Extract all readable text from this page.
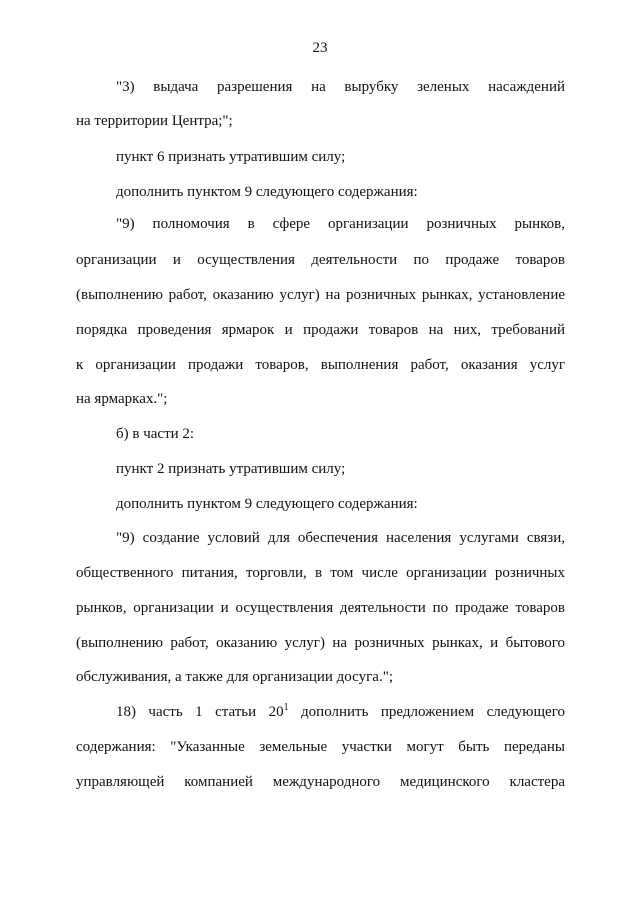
23
"3) выдача разрешения на вырубку зеленых насаждений
на территории Центра;";
пункт 6 признать утратившим силу;
дополнить пунктом 9 следующего содержания:
"9) полномочия в сфере организации розничных рынков,
организации и осуществления деятельности по продаже товаров
(выполнению работ, оказанию услуг) на розничных рынках, установление
порядка проведения ярмарок и продажи товаров на них, требований
к организации продажи товаров, выполнения работ, оказания услуг
на ярмарках.";
б) в части 2:
пункт 2 признать утратившим силу;
дополнить пунктом 9 следующего содержания:
"9) создание условий для обеспечения населения услугами связи,
общественного питания, торговли, в том числе организации розничных
рынков, организации и осуществления деятельности по продаже товаров
(выполнению работ, оказанию услуг) на розничных рынках, и бытового
обслуживания, а также для организации досуга.";
18) часть 1 статьи $20^1$ дополнить предложением следующего
содержания: "Указанные земельные участки могут быть переданы
управляющей компанией международного медицинского кластера
